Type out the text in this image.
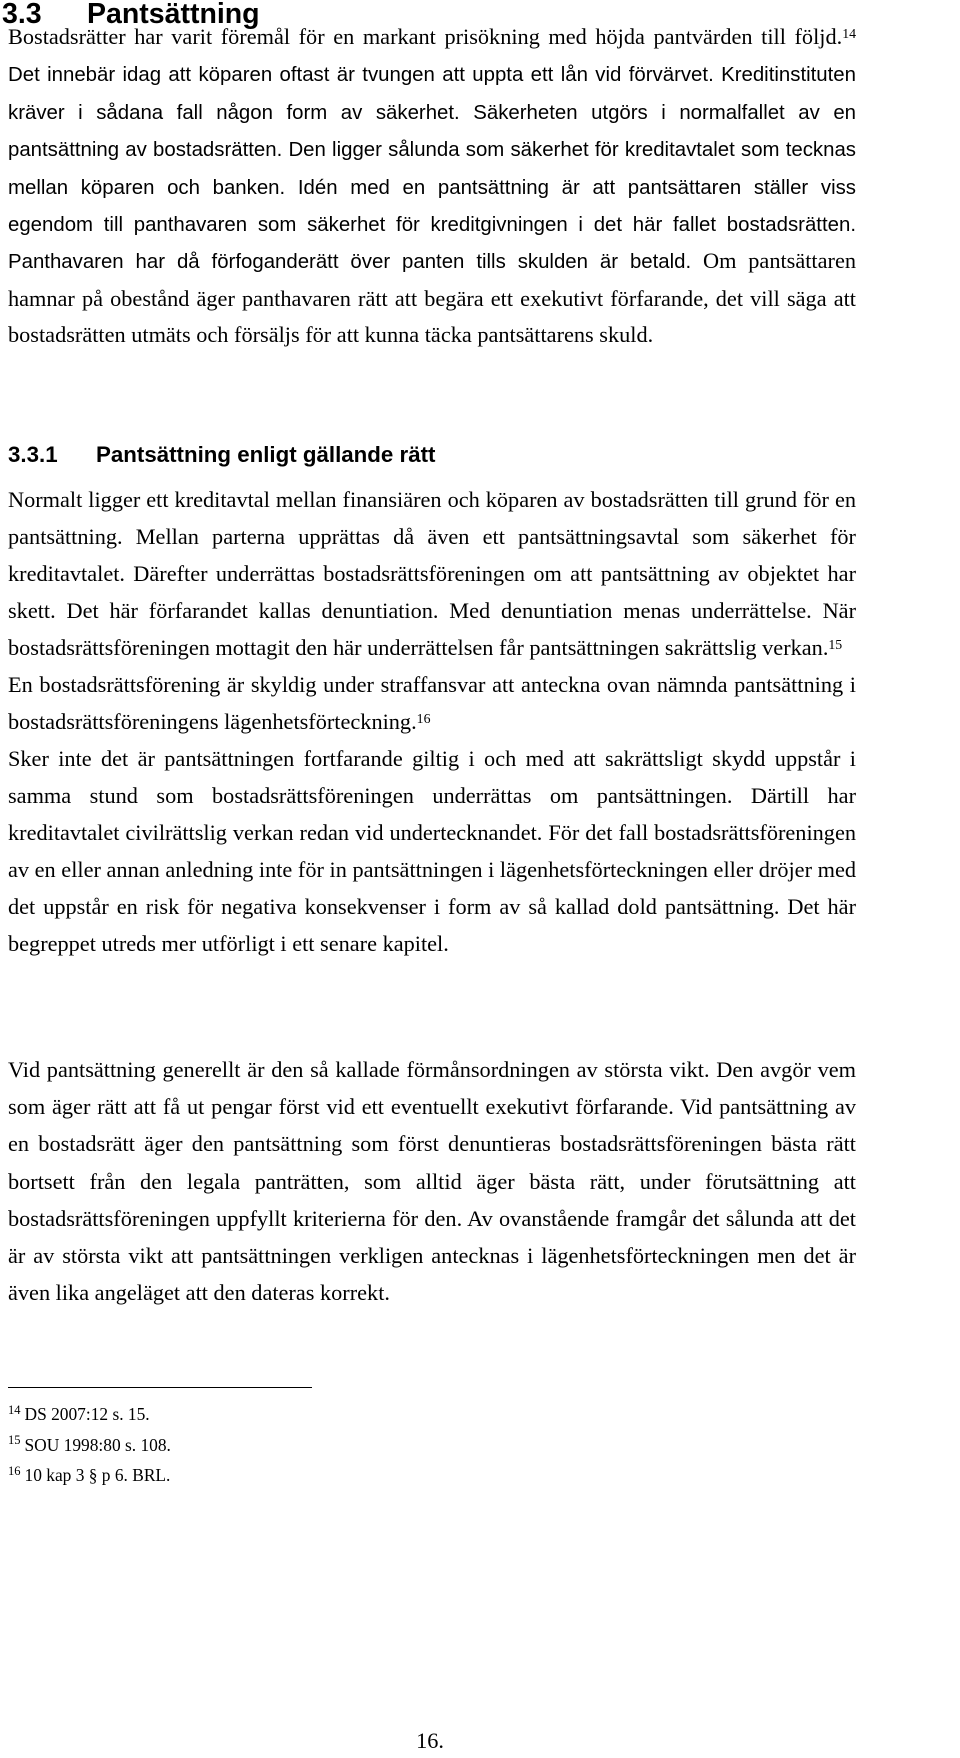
3.3 Pantsättning

Bostadsrätter har varit föremål för en markant prisökning med höjda pantvärden till följd.$^{14}$ Det innebär idag att köparen oftast är tvungen att uppta ett lån vid förvärvet. Kreditinstituten kräver i sådana fall någon form av säkerhet. Säkerheten utgörs i normalfallet av en pantsättning av bostadsrätten. Den ligger sålunda som säkerhet för kreditavtalet som tecknas mellan köparen och banken. Idén med en pantsättning är att pantsättaren ställer viss egendom till panthavaren som säkerhet för kreditgivningen i det här fallet bostadsrätten. Panthavaren har då förfoganderätt över panten tills skulden är betald. Om pantsättaren hamnar på obestånd äger panthavaren rätt att begära ett exekutivt förfarande, det vill säga att bostadsrätten utmäts och försäljs för att kunna täcka pantsättarens skuld.

3.3.1 Pantsättning enligt gällande rätt

Normalt ligger ett kreditavtal mellan finansiären och köparen av bostadsrätten till grund för en pantsättning. Mellan parterna upprättas då även ett pantsättningsavtal som säkerhet för kreditavtalet. Därefter underrättas bostadsrättsföreningen om att pantsättning av objektet har skett. Det här förfarandet kallas denuntiation. Med denuntiation menas underrättelse. När bostadsrättsföreningen mottagit den här underrättelsen får pantsättningen sakrättslig verkan.$^{15}$
En bostadsrättsförening är skyldig under straffansvar att anteckna ovan nämnda pantsättning i bostadsrättsföreningens lägenhetsförteckning.$^{16}$
Sker inte det är pantsättningen fortfarande giltig i och med att sakrättsligt skydd uppstår i samma stund som bostadsrättsföreningen underrättas om pantsättningen. Därtill har kreditavtalet civilrättslig verkan redan vid undertecknandet. För det fall bostadsrättsföreningen av en eller annan anledning inte för in pantsättningen i lägenhetsförteckningen eller dröjer med det uppstår en risk för negativa konsekvenser i form av så kallad dold pantsättning. Det här begreppet utreds mer utförligt i ett senare kapitel.

Vid pantsättning generellt är den så kallade förmånsordningen av största vikt. Den avgör vem som äger rätt att få ut pengar först vid ett eventuellt exekutivt förfarande. Vid pantsättning av en bostadsrätt äger den pantsättning som först denuntieras bostadsrättsföreningen bästa rätt bortsett från den legala panträtten, som alltid äger bästa rätt, under förutsättning att bostadsrättsföreningen uppfyllt kriterierna för den. Av ovanstående framgår det sålunda att det är av största vikt att pantsättningen verkligen antecknas i lägenhetsförteckningen men det är även lika angeläget att den dateras korrekt.

$^{14}$ DS 2007:12 s. 15.

$^{15}$ SOU 1998:80 s. 108.

$^{16}$ 10 kap 3 § p 6. BRL.

16.
